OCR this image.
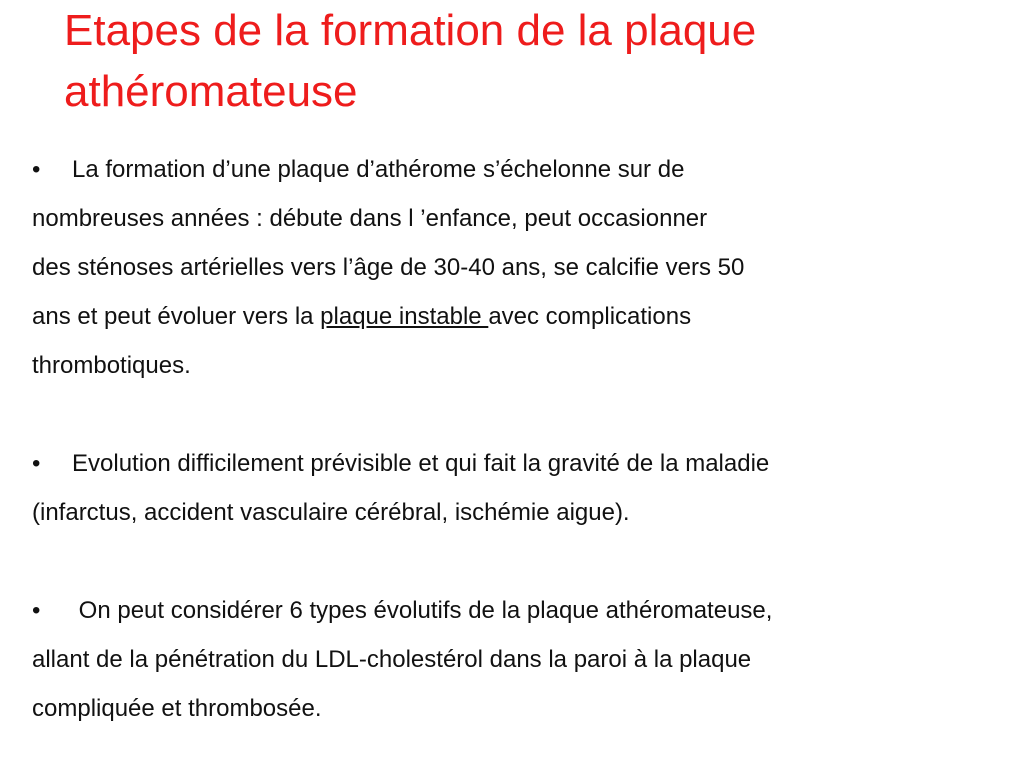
Etapes de la formation de la plaque
athéromateuse
• La formation d’une plaque d’athérome s’échelonne sur de
nombreuses années : débute dans l ’enfance, peut occasionner
des sténoses artérielles vers l’âge de 30-40 ans, se calcifie vers 50
ans et peut évoluer vers la plaque instable avec complications
thrombotiques.
• Evolution difficilement prévisible et qui fait la gravité de la maladie
(infarctus, accident vasculaire cérébral, ischémie aigue).
• On peut considérer 6 types évolutifs de la plaque athéromateuse,
allant de la pénétration du LDL-cholestérol dans la paroi à la plaque
compliquée et thrombosée.
